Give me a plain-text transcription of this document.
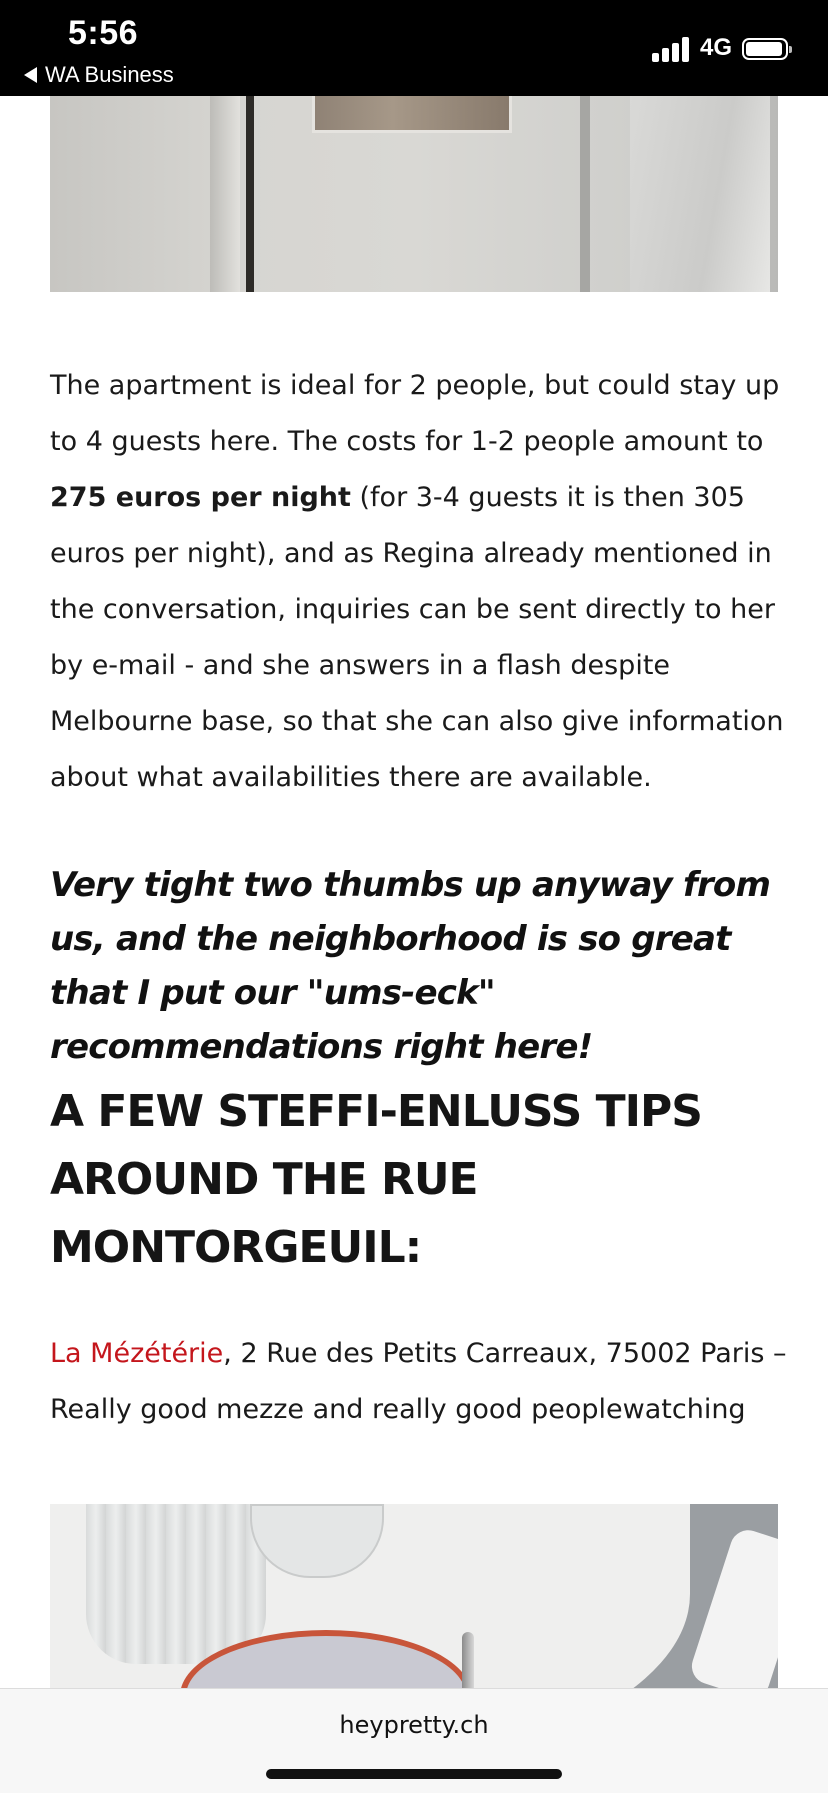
5:56
WA Business
4G

The apartment is ideal for 2 people, but could stay up to 4 guests here. The costs for 1-2 people amount to 275 euros per night (for 3-4 guests it is then 305 euros per night), and as Regina already mentioned in the conversation, inquiries can be sent directly to her by e-mail - and she answers in a flash despite Melbourne base, so that she can also give information about what availabilities there are available.

Very tight two thumbs up anyway from us, and the neighborhood is so great that I put our "ums-eck" recommendations right here!

A FEW STEFFI-ENLUSS TIPS AROUND THE RUE MONTORGEUIL:

La Mézétérie, 2 Rue des Petits Carreaux, 75002 Paris – Really good mezze and really good peoplewatching

heypretty.ch
